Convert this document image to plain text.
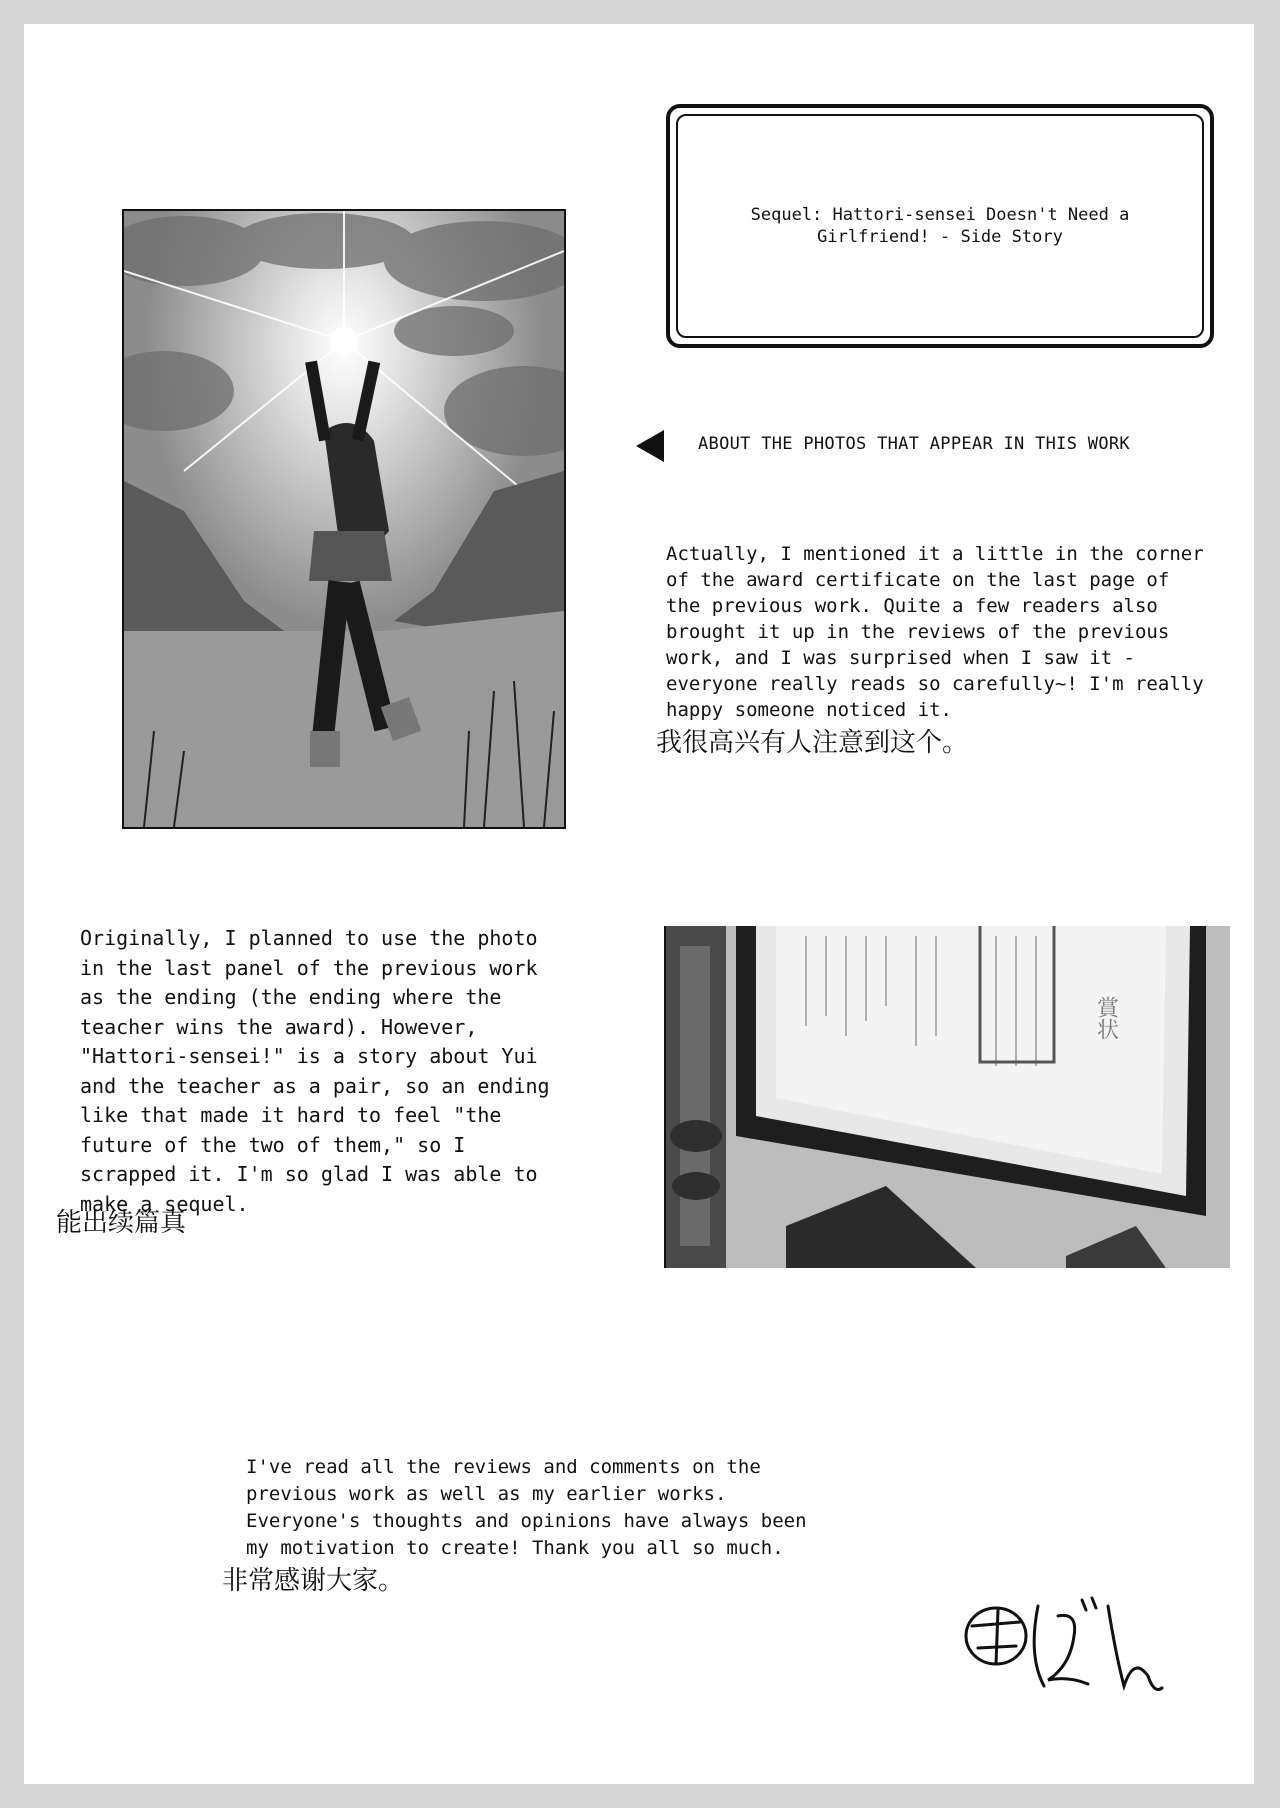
Sequel: Hattori-sensei Doesn't Need a Girlfriend! - Side Story
ABOUT THE PHOTOS THAT APPEAR IN THIS WORK
Actually, I mentioned it a little in the corner
of the award certificate on the last page of
the previous work. Quite a few readers also
brought it up in the reviews of the previous
work, and I was surprised when I saw it -
everyone really reads so carefully~! I'm really
happy someone noticed it.
我很高兴有人注意到这个。
Originally, I planned to use the photo
in the last panel of the previous work
as the ending (the ending where the
teacher wins the award). However,
"Hattori-sensei!" is a story about Yui
and the teacher as a pair, so an ending
like that made it hard to feel "the
future of the two of them," so I
scrapped it. I'm so glad I was able to
make a sequel.
能出续篇真
賞状
I've read all the reviews and comments on the
previous work as well as my earlier works.
Everyone's thoughts and opinions have always been
my motivation to create! Thank you all so much.
非常感谢大家。
